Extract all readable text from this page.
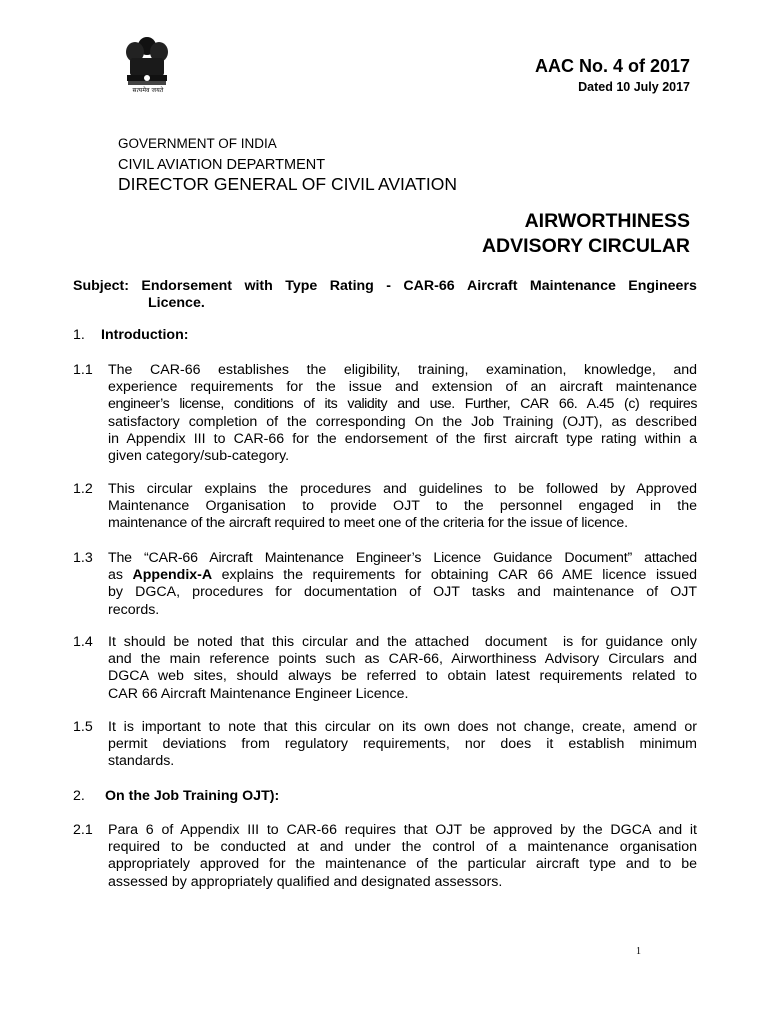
सत्यमेव जयते
AAC No. 4 of 2017
Dated 10 July 2017
GOVERNMENT OF INDIA
CIVIL AVIATION DEPARTMENT
DIRECTOR GENERAL OF CIVIL AVIATION
AIRWORTHINESS
ADVISORY CIRCULAR
Subject: Endorsement with Type Rating - CAR-66 Aircraft Maintenance Engineers
Licence.
1. Introduction:
1.1 The CAR-66 establishes the eligibility, training, examination, knowledge, and
experience requirements for the issue and extension of an aircraft maintenance
engineer’s license, conditions of its validity and use. Further, CAR 66. A.45 (c) requires
satisfactory completion of the corresponding On the Job Training (OJT), as described
in Appendix III to CAR-66 for the endorsement of the first aircraft type rating within a
given category/sub-category.
1.2 This circular explains the procedures and guidelines to be followed by Approved
Maintenance Organisation to provide OJT to the personnel engaged in the
maintenance of the aircraft required to meet one of the criteria for the issue of licence.
1.3 The “CAR-66 Aircraft Maintenance Engineer’s Licence Guidance Document” attached
as Appendix-A explains the requirements for obtaining CAR 66 AME licence issued
by DGCA, procedures for documentation of OJT tasks and maintenance of OJT
records.
1.4 It should be noted that this circular and the attached  document  is for guidance only
and the main reference points such as CAR-66, Airworthiness Advisory Circulars and
DGCA web sites, should always be referred to obtain latest requirements related to
CAR 66 Aircraft Maintenance Engineer Licence.
1.5 It is important to note that this circular on its own does not change, create, amend or
permit deviations from regulatory requirements, nor does it establish minimum
standards.
2. On the Job Training OJT):
2.1 Para 6 of Appendix III to CAR-66 requires that OJT be approved by the DGCA and it
required to be conducted at and under the control of a maintenance organisation
appropriately approved for the maintenance of the particular aircraft type and to be
assessed by appropriately qualified and designated assessors.
1
